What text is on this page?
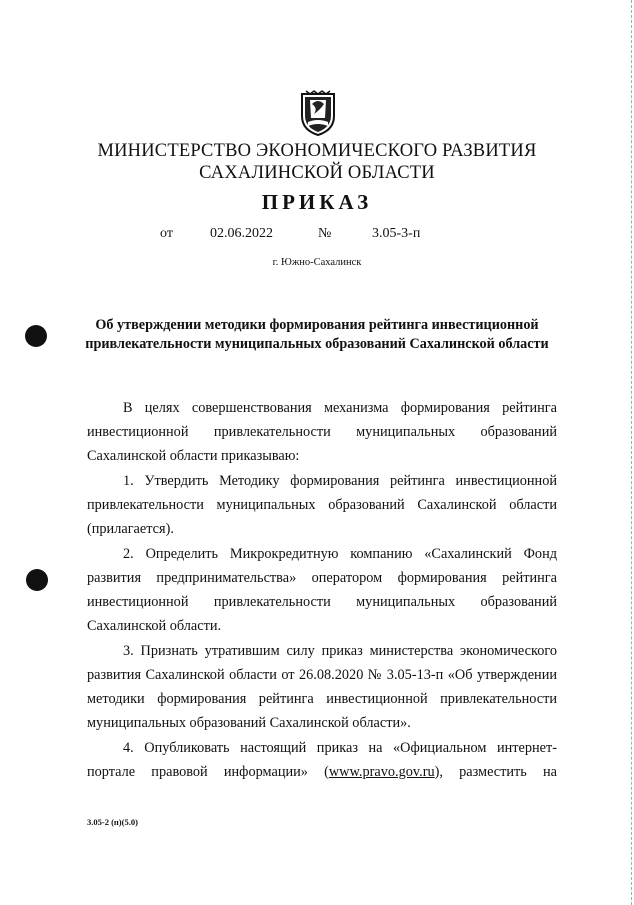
МИНИСТЕРСТВО ЭКОНОМИЧЕСКОГО РАЗВИТИЯ
САХАЛИНСКОЙ ОБЛАСТИ
ПРИКАЗ
от	02.06.2022	№	3.05-3-п
г. Южно-Сахалинск
Об утверждении методики формирования рейтинга инвестиционной
привлекательности муниципальных образований Сахалинской области
В целях совершенствования механизма формирования рейтинга
инвестиционной привлекательности муниципальных образований
Сахалинской области приказываю:
1. Утвердить Методику формирования рейтинга инвестиционной
привлекательности муниципальных образований Сахалинской области
(прилагается).
2. Определить Микрокредитную компанию «Сахалинский Фонд
развития предпринимательства» оператором формирования рейтинга
инвестиционной привлекательности муниципальных образований
Сахалинской области.
3. Признать утратившим силу приказ министерства экономического
развития Сахалинской области от 26.08.2020 № 3.05-13-п «Об утверждении
методики формирования рейтинга инвестиционной привлекательности
муниципальных образований Сахалинской области».
4. Опубликовать настоящий приказ на «Официальном интернет-
портале правовой информации» (www.pravo.gov.ru), разместить на
3.05-2 (п)(5.0)
